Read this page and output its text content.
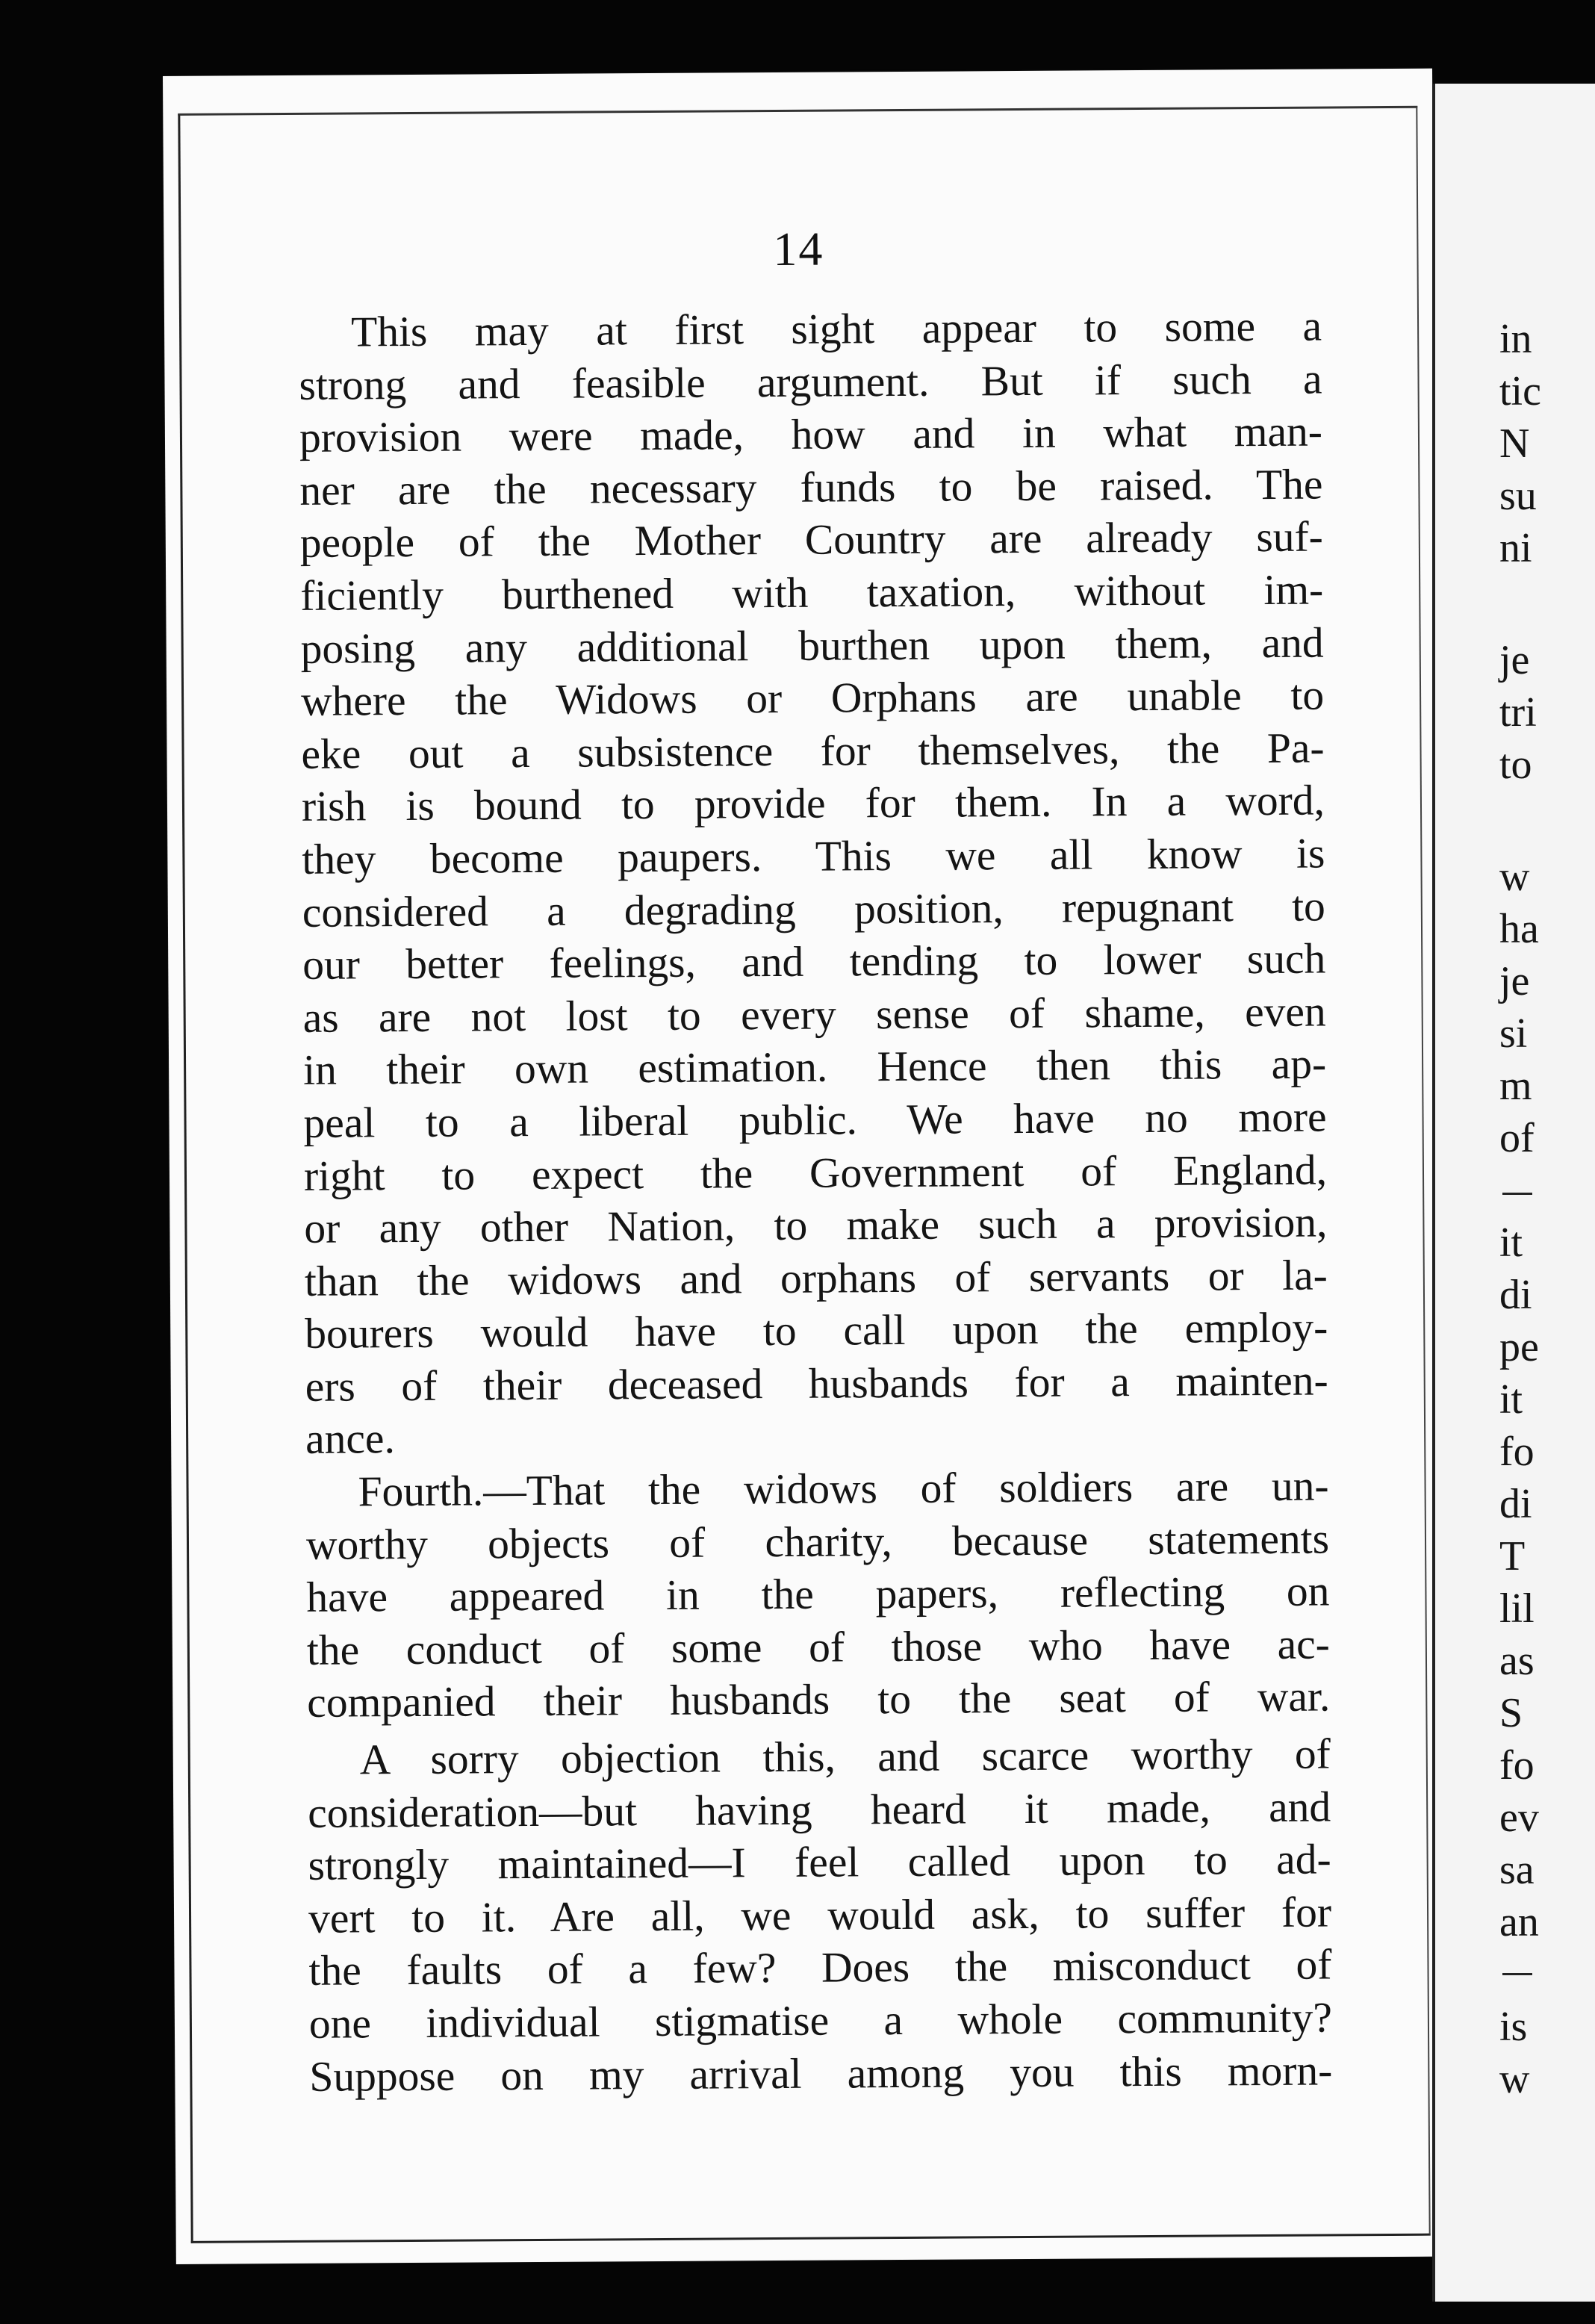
14
This may at first sight appear to some a
strong and feasible argument. But if such a
provision were made, how and in what man-
ner are the necessary funds to be raised. The
people of the Mother Country are already suf-
ficiently burthened with taxation, without im-
posing any additional burthen upon them, and
where the Widows or Orphans are unable to
eke out a subsistence for themselves, the Pa-
rish is bound to provide for them. In a word,
they become paupers. This we all know is
considered a degrading position, repugnant to
our better feelings, and tending to lower such
as are not lost to every sense of shame, even
in their own estimation. Hence then this ap-
peal to a liberal public. We have no more
right to expect the Government of England,
or any other Nation, to make such a provision,
than the widows and orphans of servants or la-
bourers would have to call upon the employ-
ers of their deceased husbands for a mainten-
ance.
Fourth.—That the widows of soldiers are un-
worthy objects of charity, because statements
have appeared in the papers, reflecting on
the conduct of some of those who have ac-
companied their husbands to the seat of war.
A sorry objection this, and scarce worthy of
consideration—but having heard it made, and
strongly maintained—I feel called upon to ad-
vert to it. Are all, we would ask, to suffer for
the faults of a few? Does the misconduct of
one individual stigmatise a whole community?
Suppose on my arrival among you this morn-
in
tic
N
su
ni
je
tri
to
w
ha
je
si
m
of
it
di
pe
it
fo
di
T
lil
as
S
fo
ev
sa
an
is
w
